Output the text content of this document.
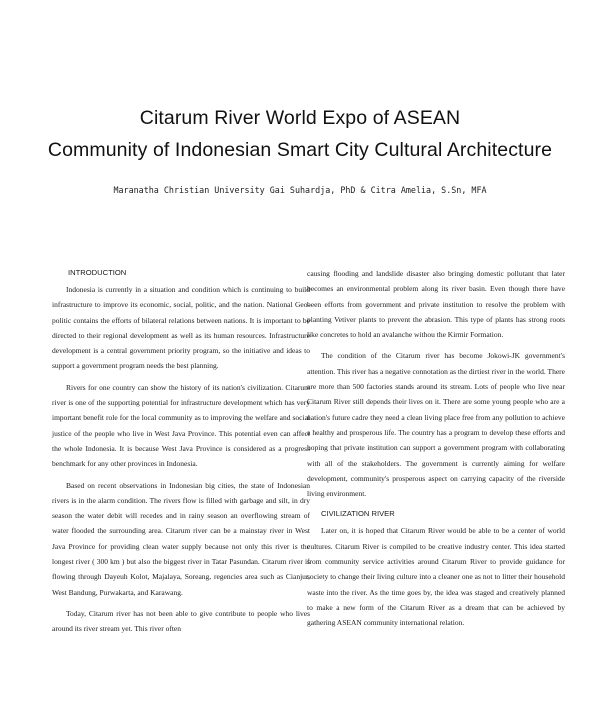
Citarum River World Expo of ASEAN
Community of Indonesian Smart City Cultural Architecture
Maranatha Christian University Gai Suhardja, PhD & Citra Amelia, S.Sn, MFA

INTRODUCTION

Indonesia is currently in a situation and condition which is continuing to build infrastructure to improve its economic, social, politic, and the nation. National Geo-politic contains the efforts of bilateral relations between nations. It is important to be directed to their regional development as well as its human resources. Infrastructure development is a central government priority program, so the initiative and ideas to support a government program needs the best planning.

Rivers for one country can show the history of its nation's civilization. Citarum river is one of the supporting potential for infrastructure development which has very important benefit role for the local community as to improving the welfare and social justice of the people who live in West Java Province. This potential even can affect the whole Indonesia. It is because West Java Province is considered as a progress benchmark for any other provinces in Indonesia.

Based on recent observations in Indonesian big cities, the state of Indonesian rivers is in the alarm condition. The rivers flow is filled with garbage and silt, in dry season the water debit will recedes and in rainy season an overflowing stream of water flooded the surrounding area. Citarum river can be a mainstay river in West Java Province for providing clean water supply because not only this river is the longest river ( 300 km ) but also the biggest river in Tatar Pasundan. Citarum river is flowing through Dayeuh Kolot, Majalaya, Soreang, regencies area such as Cianjur, West Bandung, Purwakarta, and Karawang.

Today, Citarum river has not been able to give contribute to people who lives around its river stream yet. This river often

causing flooding and landslide disaster also bringing domestic pollutant that later becomes an environmental problem along its river basin. Even though there have been efforts from government and private institution to resolve the problem with planting Vetiver plants to prevent the abrasion. This type of plants has strong roots like concretes to hold an avalanche withou the Kirmir Formation.

The condition of the Citarum river has become Jokowi-JK government's attention. This river has a negative connotation as the dirtiest river in the world. There are more than 500 factories stands around its stream. Lots of people who live near Citarum River still depends their lives on it. There are some young people who are a nation's future cadre they need a clean living place free from any pollution to achieve a healthy and prosperous life. The country has a program to develop these efforts and hoping that private institution can support a government program with collaborating with all of the stakeholders. The government is currently aiming for welfare development, community's prosperous aspect on carrying capacity of the riverside living environment.

CIVILIZATION RIVER

Later on, it is hoped that Citarum River would be able to be a center of world cultures. Citarum River is compiled to be creative industry center. This idea started from community service activities around Citarum River to provide guidance for society to change their living culture into a cleaner one as not to litter their household waste into the river. As the time goes by, the idea was staged and creatively planned to make a new form of the Citarum River as a dream that can be achieved by gathering ASEAN community international relation.
